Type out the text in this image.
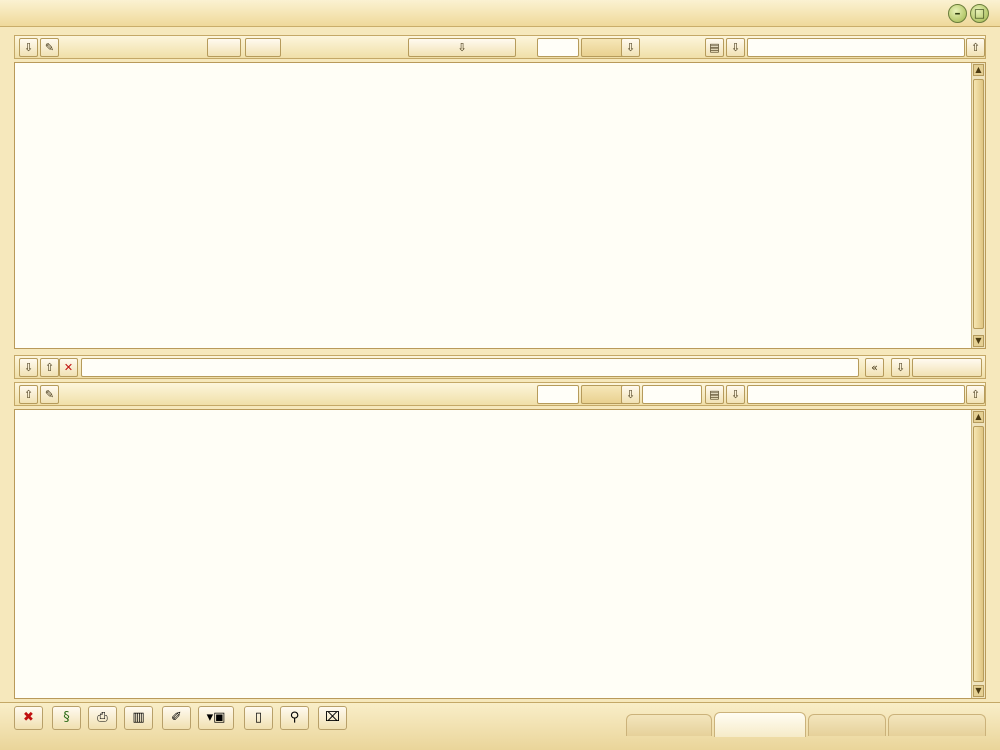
–	□
⇩	✎	⇩	⇩	▤	⇩	⇧
▲
▼
⇩	⇧ ✕	«	⇩
⇧	✎	⇩	▤	⇩	⇧
▲
▼
✖	§	⎙	▥	✐	▾▣	▯	⚲	⌧
